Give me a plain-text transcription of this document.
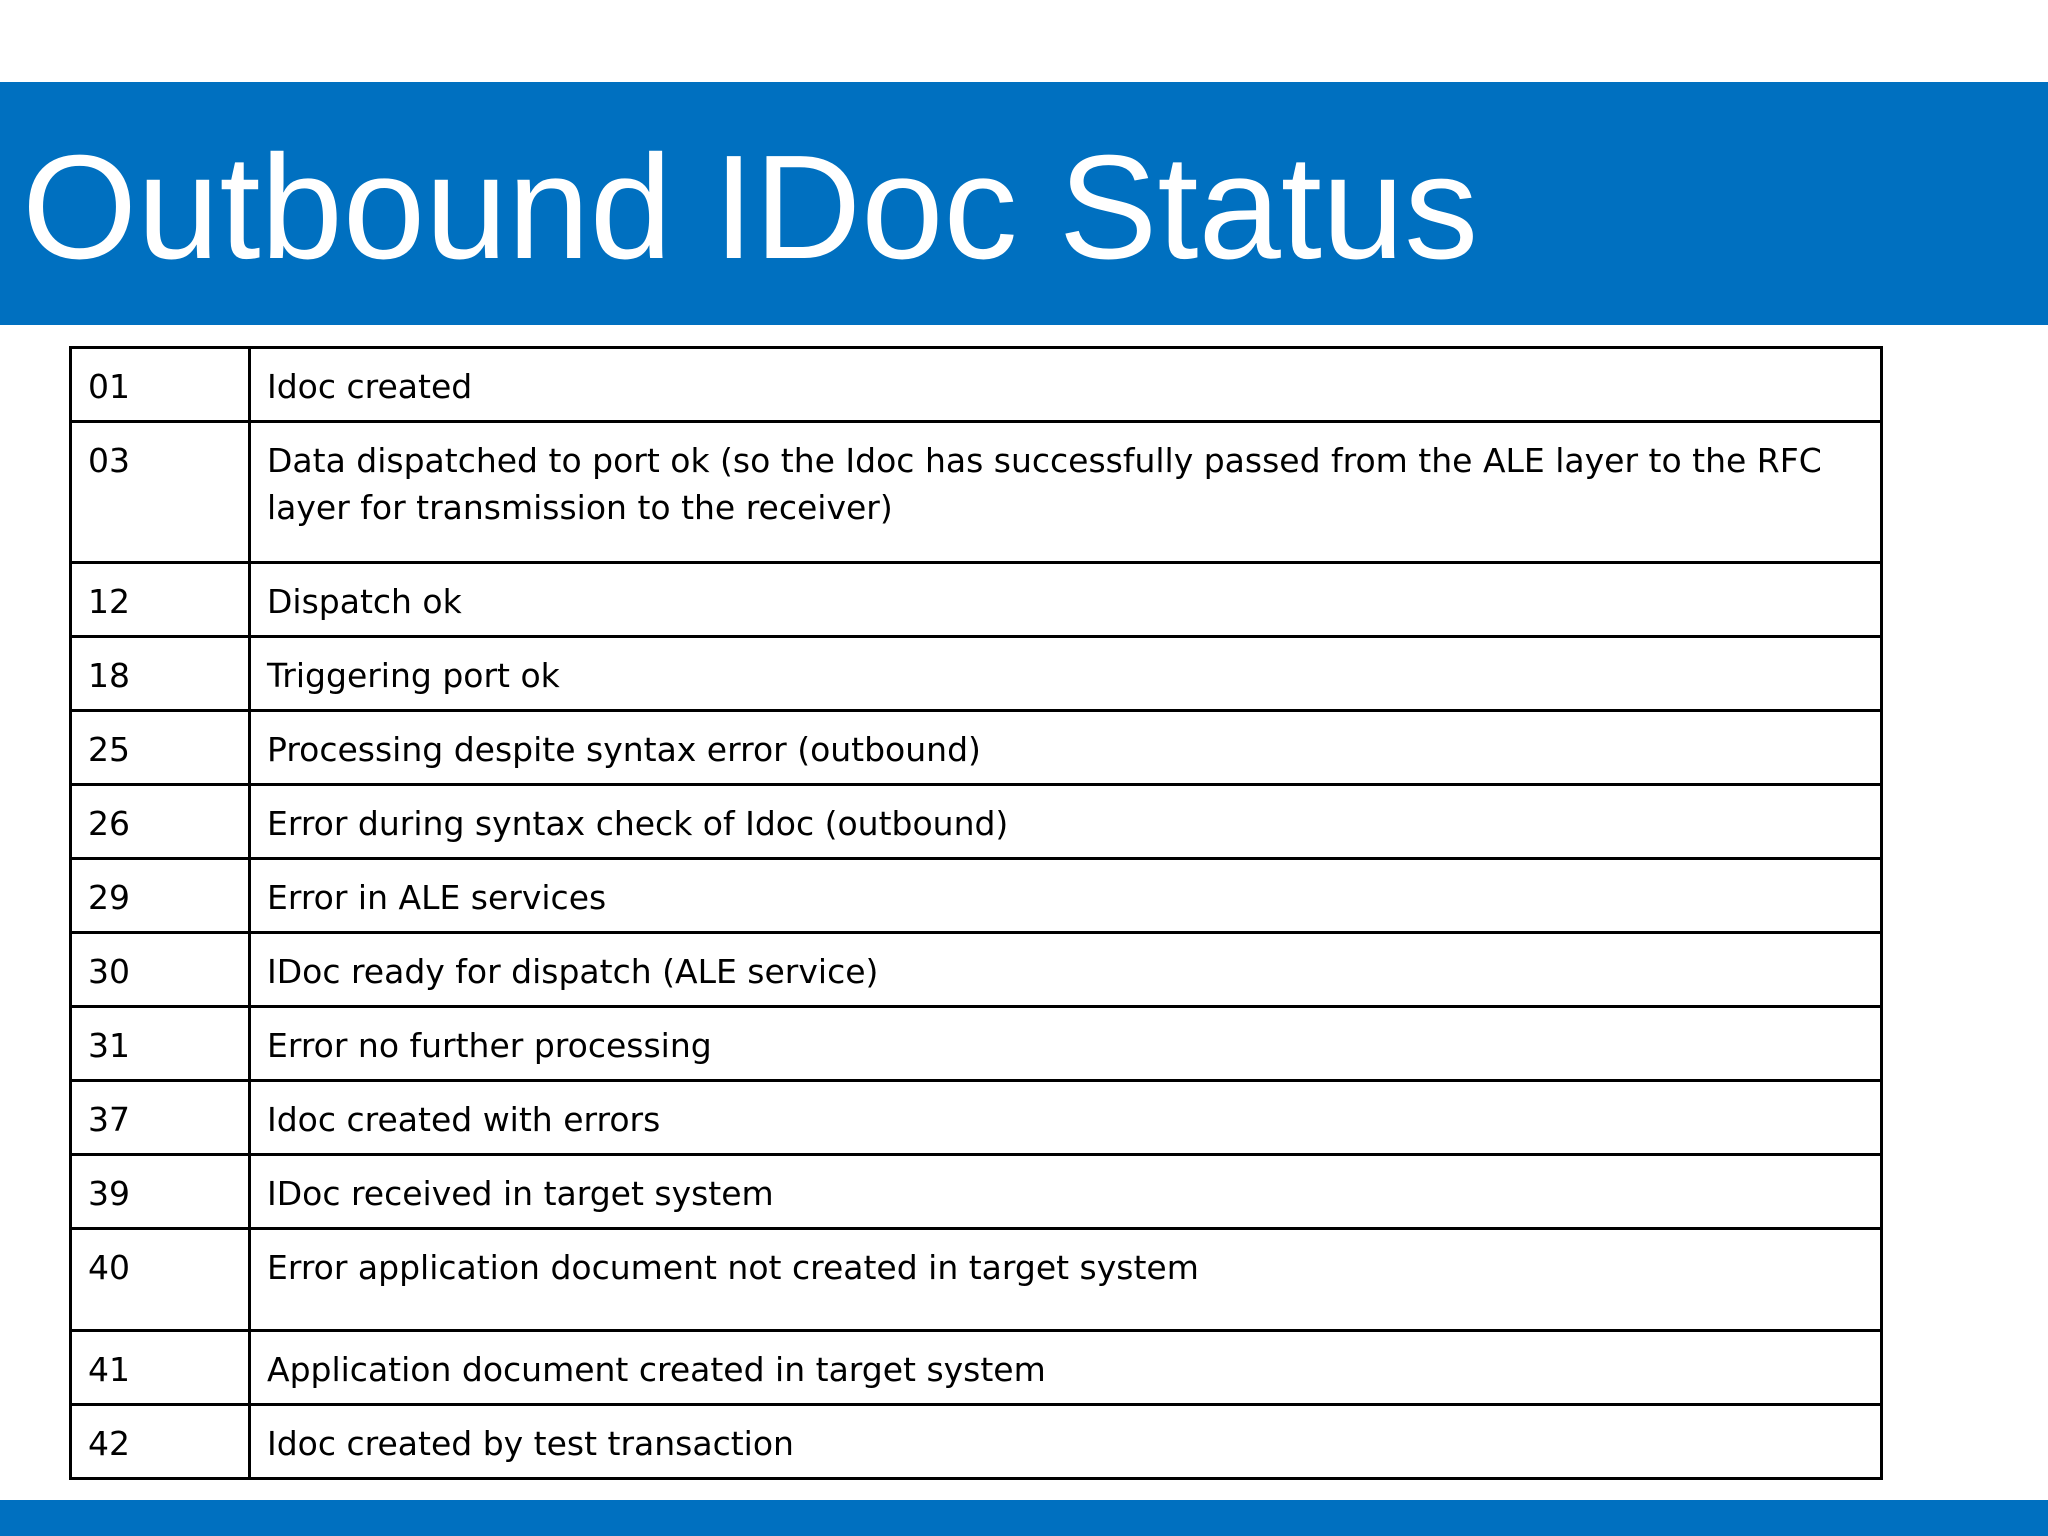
Outbound IDoc Status
01	Idoc created
03	Data dispatched to port ok (so the Idoc has successfully passed from the ALE layer to the RFC layer for transmission to the receiver)
12	Dispatch ok
18	Triggering port ok
25	Processing despite syntax error (outbound)
26	Error during syntax check of Idoc (outbound)
29	Error in ALE services
30	IDoc ready for dispatch (ALE service)
31	Error no further processing
37	Idoc created with errors
39	IDoc received in target system
40	Error application document not created in target system
41	Application document created in target system
42	Idoc created by test transaction
